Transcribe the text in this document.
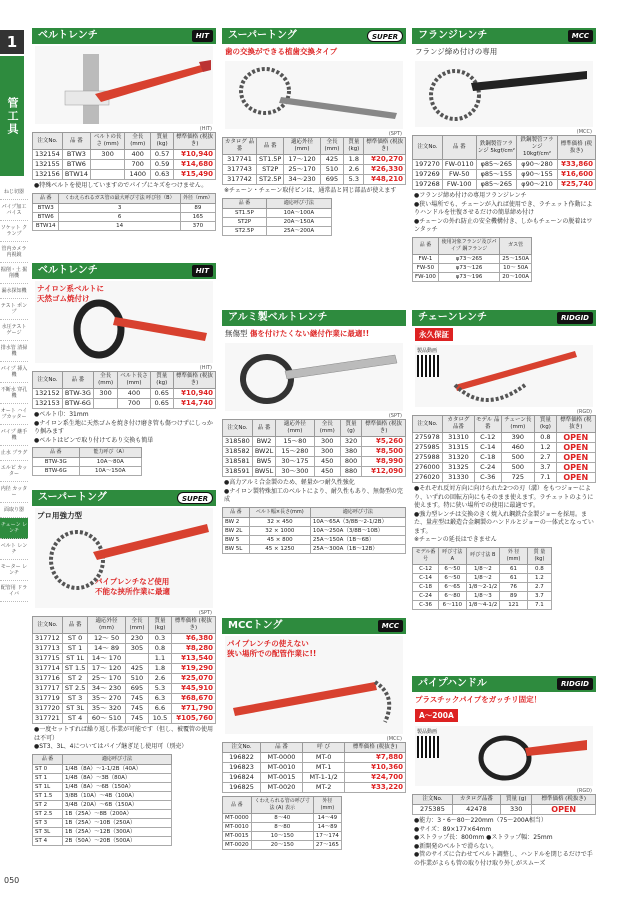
1
管工具
ねじ切器
パイプ加工 バイス
ソケット クランプ
管内カメラ 内視鏡
掘削・土 掘削機
漏水探知機
テスト ポンプ
水圧テスト ゲージ
排水管 清掃機
パイプ 挿入機
不断水 穿孔機
オート ハイブカッター
パイプ 継手機
止水 プラグ
エルピ カッター
内径 カッター
面取り器
チェーン レンチ
ベルト レンチ
モーター レンチ
配管用 ドライバ
050
ベルトレンチ	HIT
(HIT)
注文No.	品 番	ベルトの長さ (mm)	全長 (mm)	質量 (kg)	標準価格 (税抜き)
132154	BTW3	300	400	0.57	¥10,940
132155	BTW6		700	0.59	¥14,680
132156	BTW14		1400	0.63	¥15,490
●特殊ベルトを使用していますのでパイプにキズをつけません。
品 番	くわえられるガス管の最大呼び寸法 呼び径（B）	外径（mm）
BTW3	3	89
BTW6	6	165
BTW14	14	370
ベルトレンチ	HIT
ナイロン系ベルトに
天然ゴム焼付け
(HIT)
注文No.	品 番	全長 (mm)	ベルト長さ (mm)	質量 (kg)	標準価格 (税抜き)
132152	BTW-3G	300	400	0.65	¥10,940
132153	BTW-6G		700	0.65	¥14,740
●ベルト巾：31mm
●ナイロン系生地に天然ゴムを焼き付け磨き管も傷つけずにしっかり掴みます
●ベルトはピンで取り付けてあり交換も簡単
品 番	能力呼び（A）
BTW-3G	10A～80A
BTW-6G	10A～150A
スーパートング	SUPER
プロ用強力型
パイプレンチなど使用
不能な挟所作業に最適
(SPT)
注文No.	品 番	適応外径 (mm)	全長 (mm)	質量 (kg)	標準価格 (税抜き)
317712	ST 0	12～ 50	230	0.3	¥6,380
317713	ST 1	14～ 89	305	0.8	¥8,280
317715	ST 1L	14～ 170		1.1	¥13,540
317714	ST 1.5	17～ 120	425	1.8	¥19,290
317716	ST 2	25～ 170	510	2.6	¥25,070
317717	ST 2.5	34～ 230	695	5.3	¥45,910
317719	ST 3	35～ 270	745	6.3	¥68,670
317720	ST 3L	35～ 320	745	6.6	¥71,790
317721	ST 4	60～ 510	745	10.5	¥105,760
●一度セットすれば繰り返し作業が可能です（但し、被覆管の使用は不可）
●ST3、3L、4についてはパイプ継ぎ足し使用可（別売）
品 番	適応呼び寸法
ST 0	1/4B（8A）～1-1/2B（40A）
ST 1	1/4B（8A）～3B（80A）
ST 1L	1/4B（8A）～6B（150A）
ST 1.5	3/8B（10A）～4B（100A）
ST 2	3/4B（20A）～6B（150A）
ST 2.5	1B（25A）～8B（200A）
ST 3	1B（25A）～10B（250A）
ST 3L	1B（25A）～12B（300A）
ST 4	2B（50A）～20B（500A）
スーパートング	SUPER
歯の交換ができる植歯交換タイプ
(SPT)
カタログ 品 番	品 番	適応外径 (mm)	全長 (mm)	質量 (kg)	標準価格 (税抜き)
317741	ST1.5P	17～120	425	1.8	¥20,270
317743	ST2P	25～170	510	2.6	¥26,330
317742	ST2.5P	34～230	695	5.3	¥48,210
※チェーン・チェーン取付ピンは、通常品と同じ部品が使えます
品 番	適応呼び寸法
ST1.5P	10A～100A
ST2P	20A～150A
ST2.5P	25A～200A
アルミ製ベルトレンチ
無傷型 傷を付けたくない継付作業に最適!!
(SPT)
注文No.	品 番	適応外径 (mm)	全長 (mm)	質量 (g)	標準価格 (税抜き)
318580	BW2	15～80	300	320	¥5,260
318582	BW2L	15～280	300	380	¥8,500
318581	BW5	30～175	450	800	¥8,990
318591	BW5L	30～300	450	880	¥12,090
●高力アルミ合金製のため、軽量かつ耐久性強化
●ナイロン製特殊加工のベルトにより、耐久性もあり、無傷型の完成
品 番	ベルト幅×長さ(mm)	適応呼び寸法
BW 2	32 × 450	10A～65A（3/8B～2-1/2B）
BW 2L	32 × 1000	10A～250A（3/8B～10B）
BW 5	45 × 800	25A～150A（1B～6B）
BW 5L	45 × 1250	25A～300A（1B～12B）
MCCトング	MCC
パイプレンチの使えない
狭い場所での配管作業に!!
(MCC)
注文No.	品 番	呼 び	標準価格 (税抜き)
196822	MT-0000	MT-0	¥7,880
196823	MT-0010	MT-1	¥10,360
196824	MT-0015	MT-1-1/2	¥24,700
196825	MT-0020	MT-2	¥33,220
品 番	くわえられる管の呼び寸法 (A) 表示	外径 (mm)
MT-0000	8～40	14～49
MT-0010	8～80	14～89
MT-0015	10～150	17～174
MT-0020	20～150	27～165
フランジレンチ	MCC
フランジ締め付けの専用
(MCC)
注文No.	品 番	鉄鋼製管フランジ 5kgf/cm²	鉄鋼製管フランジ 10kgf/cm²	標準価格 (税抜き)
197270	FW-0110	φ85～265	φ90～280	¥33,860
197269	FW-50	φ85～155	φ90～155	¥16,600
197268	FW-100	φ85～265	φ90～210	¥25,740
●フランジ締め付けの専用フランジレンチ
●狭い場所でも、チェーンが入れば使用でき、ラチェット作動によりハンドルを往復させるだけの簡単締め付け
●チェーンの外れ防止の安全機構付き、しかもチェーンの脱着はワンタッチ
品 番	使用対象フランジ及びパイプ 鋼フランジ	ガス管
FW-1	φ73～265	25～150A
FW-50	φ73～126	10～ 50A
FW-100	φ73～196	20～100A
チェーンレンチ	RIDGID
永久保証
製品動画
(RGD)
注文No.	カタログ 品番	モデル 品番	チェーン長 (mm)	質量 (kg)	標準価格 (税抜き)
275978	31310	C-12	390	0.8	OPEN
275985	31315	C-14	460	1.2	OPEN
275988	31320	C-18	500	2.7	OPEN
276000	31325	C-24	500	3.7	OPEN
276020	31330	C-36	725	7.1	OPEN
●それぞれ反対方向に向けられた2つの刃（溝）をもつジョーにより、いずれの回転方向にもそのまま使えます。ラチェットのように使えます。特に狭い場所での使用に最適です。
●強力型レンチは交換のきく焼入れ鋼鉄合金製ジョーを採用。また、量産型は鍛造合金鋼製のハンドルとジョーの一体式となっています。
※チェーンの延長はできません
モデル番号	呼び寸法 A	呼び寸法 B	外 径 (mm)	質 量 (kg)
C-12	6～50	1/8～2	61	0.8
C-14	6～50	1/8～2	61	1.2
C-18	6～65	1/8～2-1/2	76	2.7
C-24	6～80	1/8～3	89	3.7
C-36	6～110	1/8～4-1/2	121	7.1
パイプハンドル	RIDGID
プラスチックパイプをガッチリ固定！
A～200A
製品動画
(RGD)
注文No.	カタログ品番	質量 (g)	標準価格 (税抜き)
275385	42478	330	OPEN
●能力：3・6～80～220mm（75～200A相当）
●サイズ：89×177×64mm
●ストラップ長：800mm ●ストラップ幅：25mm
●新開発のベルトで滑らない。
●管のサイズに合わせてベルト調整し、ハンドルを閉じるだけで手の作業がよらも管の取り付け取り外しがスムーズ
